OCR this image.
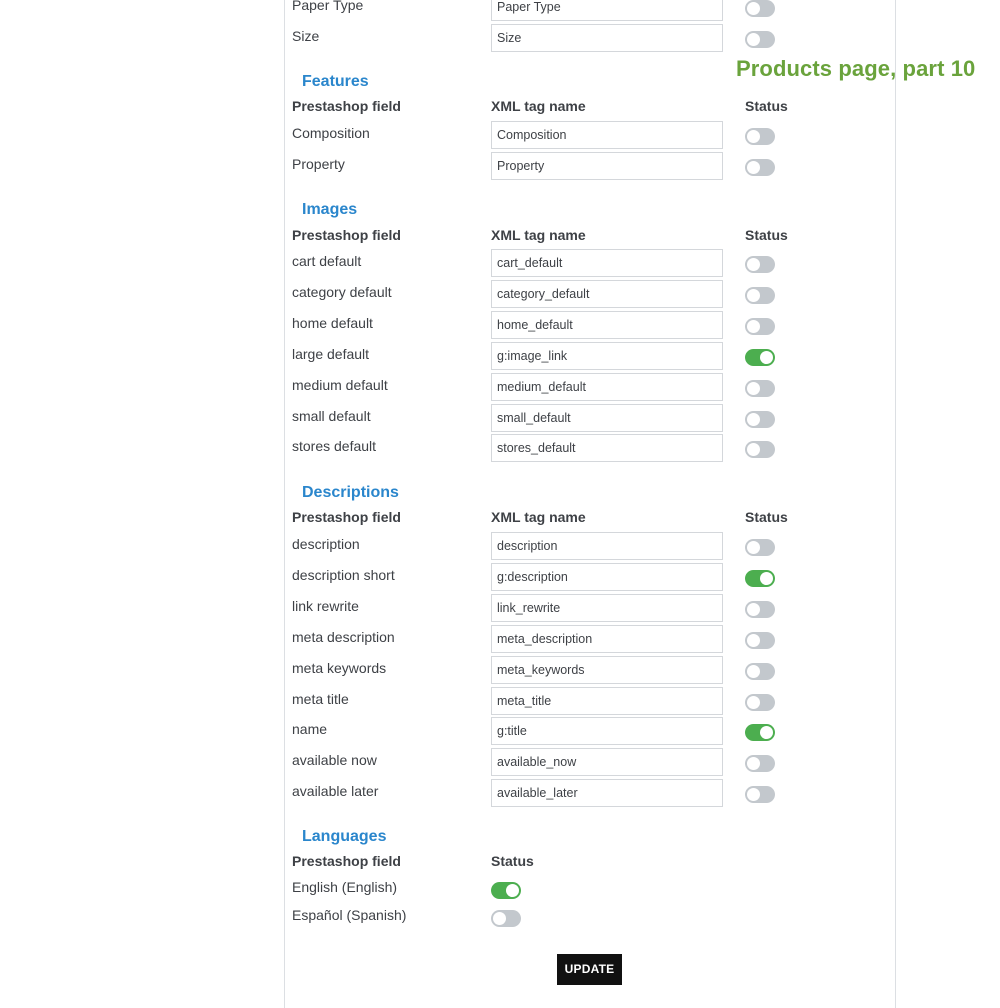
Products page, part 10
Paper Type	Paper Type
Size	Size
Features
Prestashop field	XML tag name	Status
Composition	Composition
Property	Property
Images
Prestashop field	XML tag name	Status
cart default	cart_default
category default	category_default
home default	home_default
large default	g:image_link
medium default	medium_default
small default	small_default
stores default	stores_default
Descriptions
Prestashop field	XML tag name	Status
description	description
description short	g:description
link rewrite	link_rewrite
meta description	meta_description
meta keywords	meta_keywords
meta title	meta_title
name	g:title
available now	available_now
available later	available_later
Languages
Prestashop field	Status
English (English)
Español (Spanish)
UPDATE
